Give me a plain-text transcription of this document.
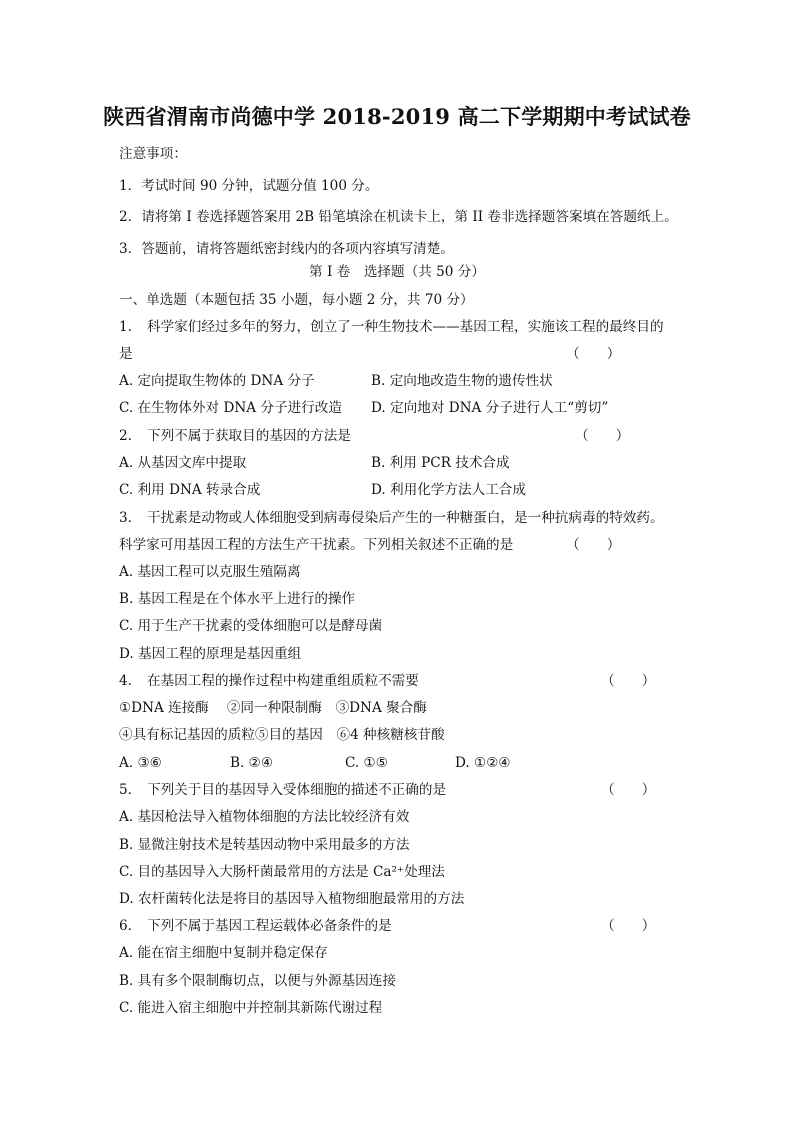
陕西省渭南市尚德中学 2018-2019 高二下学期期中考试试卷
注意事项：
1．考试时间 90 分钟，试题分值 100 分。
2．请将第 I 卷选择题答案用 2B 铅笔填涂在机读卡上，第 II 卷非选择题答案填在答题纸上。
3．答题前，请将答题纸密封线内的各项内容填写清楚。
第 I 卷　选择题（共 50 分）
一、单选题（本题包括 35 小题，每小题 2 分，共 70 分）
1. 科学家们经过多年的努力，创立了一种生物技术——基因工程，实施该工程的最终目的
是	（　　）
A. 定向提取生物体的 DNA 分子	B. 定向地改造生物的遗传性状
C. 在生物体外对 DNA 分子进行改造 D. 定向地对 DNA 分子进行人工“剪切”
2. 下列不属于获取目的基因的方法是	（　　）
A. 从基因文库中提取	B. 利用 PCR 技术合成
C. 利用 DNA 转录合成	D. 利用化学方法人工合成
3. 干扰素是动物或人体细胞受到病毒侵染后产生的一种糖蛋白，是一种抗病毒的特效药。
科学家可用基因工程的方法生产干扰素。下列相关叙述不正确的是	（　　）
A. 基因工程可以克服生殖隔离
B. 基因工程是在个体水平上进行的操作
C. 用于生产干扰素的受体细胞可以是酵母菌
D. 基因工程的原理是基因重组
4. 在基因工程的操作过程中构建重组质粒不需要	（　　）
①DNA 连接酶　 ②同一种限制酶　③DNA 聚合酶
④具有标记基因的质粒⑤目的基因　⑥4 种核糖核苷酸
A. ③⑥	B. ②④	C. ①⑤	D. ①②④
5. 下列关于目的基因导入受体细胞的描述不正确的是	（　　）
A. 基因枪法导入植物体细胞的方法比较经济有效
B. 显微注射技术是转基因动物中采用最多的方法
C. 目的基因导入大肠杆菌最常用的方法是 Ca²⁺处理法
D. 农杆菌转化法是将目的基因导入植物细胞最常用的方法
6. 下列不属于基因工程运载体必备条件的是	（　　）
A. 能在宿主细胞中复制并稳定保存
B. 具有多个限制酶切点，以便与外源基因连接
C. 能进入宿主细胞中并控制其新陈代谢过程
